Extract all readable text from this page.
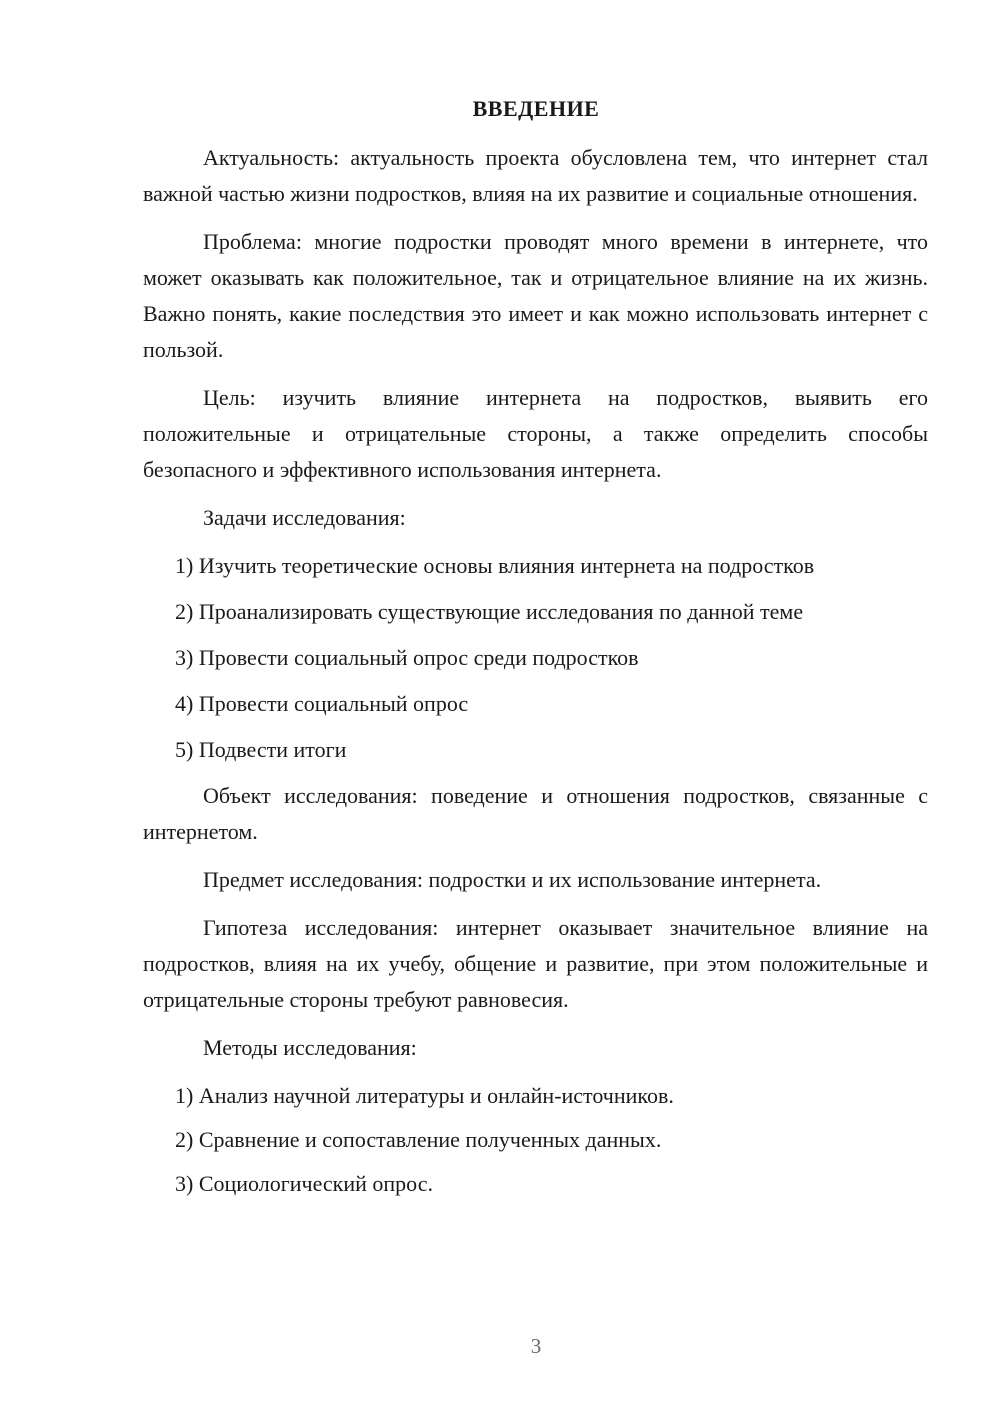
ВВЕДЕНИЕ

Актуальность: актуальность проекта обусловлена тем, что интернет стал важной частью жизни подростков, влияя на их развитие и социальные отношения.

Проблема: многие подростки проводят много времени в интернете, что может оказывать как положительное, так и отрицательное влияние на их жизнь. Важно понять, какие последствия это имеет и как можно использовать интернет с пользой.

Цель: изучить влияние интернета на подростков, выявить его положительные и отрицательные стороны, а также определить способы безопасного и эффективного использования интернета.

Задачи исследования:

1) Изучить теоретические основы влияния интернета на подростков
2) Проанализировать существующие исследования по данной теме
3) Провести социальный опрос среди подростков
4) Провести социальный опрос
5) Подвести итоги

Объект исследования: поведение и отношения подростков, связанные с интернетом.

Предмет исследования: подростки и их использование интернета.

Гипотеза исследования: интернет оказывает значительное влияние на подростков, влияя на их учебу, общение и развитие, при этом положительные и отрицательные стороны требуют равновесия.

Методы исследования:

1) Анализ научной литературы и онлайн-источников.
2) Сравнение и сопоставление полученных данных.
3) Социологический опрос.
3
